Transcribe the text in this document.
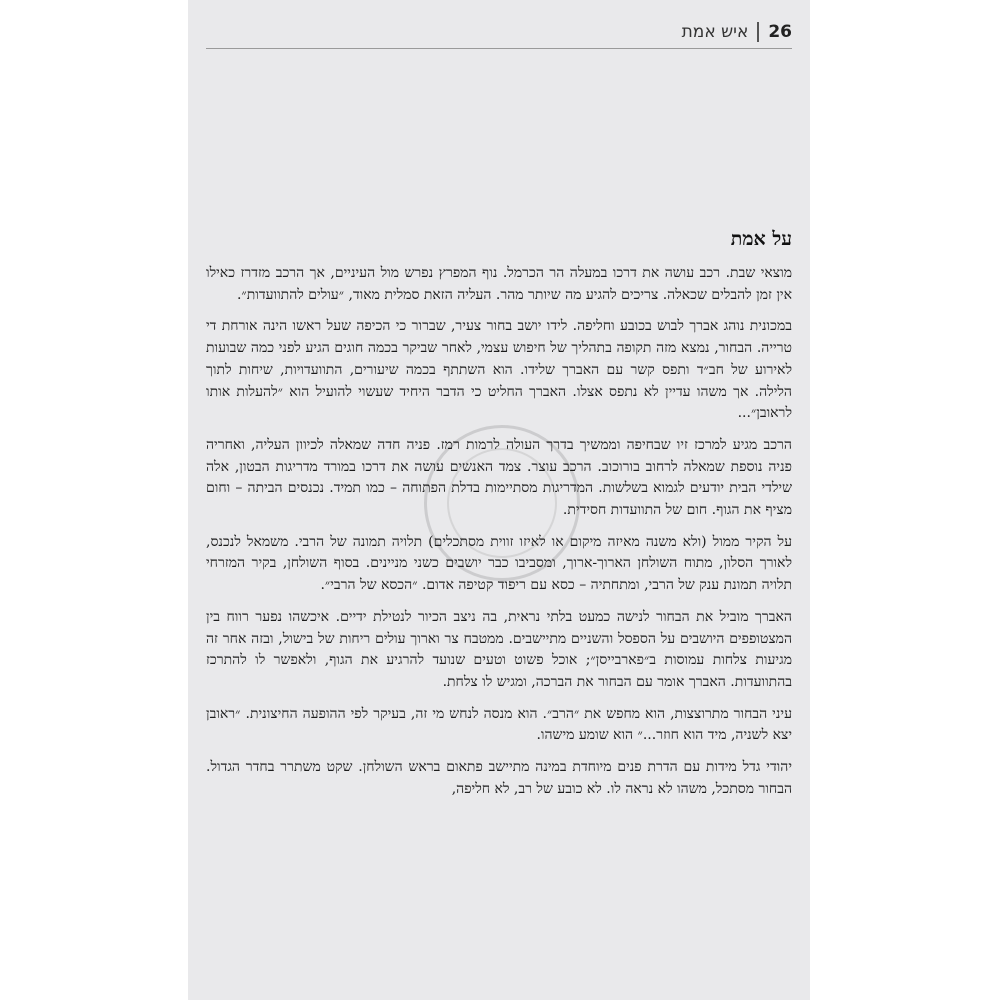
26
איש אמת
על אמת

מוצאי שבת. רכב עושה את דרכו במעלה הר הכרמל. נוף המפרץ נפרש מול העיניים, אך הרכב מזדרז כאילו אין זמן להבלים שכאלה. צריכים להגיע מה שיותר מהר. העליה הזאת סמלית מאוד, ״עולים להתוועדות״.

במכונית נוהג אברך לבוש בכובע וחליפה. לידו יושב בחור צעיר, שברור כי הכיפה שעל ראשו הינה אורחת די טרייה. הבחור, נמצא מזה תקופה בתהליך של חיפוש עצמי, לאחר שביקר בכמה חוגים הגיע לפני כמה שבועות לאירוע של חב״ד ותפס קשר עם האברך שלידו. הוא השתתף בכמה שיעורים, התוועדויות, שיחות לתוך הלילה. אך משהו עדיין לא נתפס אצלו. האברך החליט כי הדבר היחיד שעשוי להועיל הוא ״להעלות אותו לראובן״...

הרכב מגיע למרכז זיו שבחיפה וממשיך בדרך העולה לרמות רמז. פניה חדה שמאלה לכיוון העליה, ואחריה פניה נוספת שמאלה לרחוב בורוכוב. הרכב עוצר. צמד האנשים עושה את דרכו במורד מדריגות הבטון, אלה שילדי הבית יודעים לגמוא בשלשות. המדריגות מסתיימות בדלת הפתוחה – כמו תמיד. נכנסים הביתה – וחום מציף את הגוף. חום של התוועדות חסידית.

על הקיר ממול (ולא משנה מאיזה מיקום או לאיזו זווית מסתכלים) תלויה תמונה של הרבי. משמאל לנכנס, לאורך הסלון, מתוח השולחן הארוך-ארוך, ומסביבו כבר יושבים כשני מניינים. בסוף השולחן, בקיר המזרחי תלויה תמונת ענק של הרבי, ומתחתיה – כסא עם ריפוד קטיפה אדום. ״הכסא של הרבי״.

האברך מוביל את הבחור לנישה כמעט בלתי נראית, בה ניצב הכיור לנטילת ידיים. איכשהו נפער רווח בין המצטופפים היושבים על הספסל והשניים מתיישבים. ממטבח צר וארוך עולים ריחות של בישול, ובזה אחר זה מגיעות צלחות עמוסות ב״פארבייסן״; אוכל פשוט וטעים שנועד להרגיע את הגוף, ולאפשר לו להתרכז בהתוועדות. האברך אומר עם הבחור את הברכה, ומגיש לו צלחת.

עיני הבחור מתרוצצות, הוא מחפש את ״הרב״. הוא מנסה לנחש מי זה, בעיקר לפי ההופעה החיצונית. ״ראובן יצא לשניה, מיד הוא חוזר...״ הוא שומע מישהו.

יהודי גדל מידות עם הדרת פנים מיוחדת במינה מתיישב פתאום בראש השולחן. שקט משתרר בחדר הגדול. הבחור מסתכל, משהו לא נראה לו. לא כובע של רב, לא חליפה,
